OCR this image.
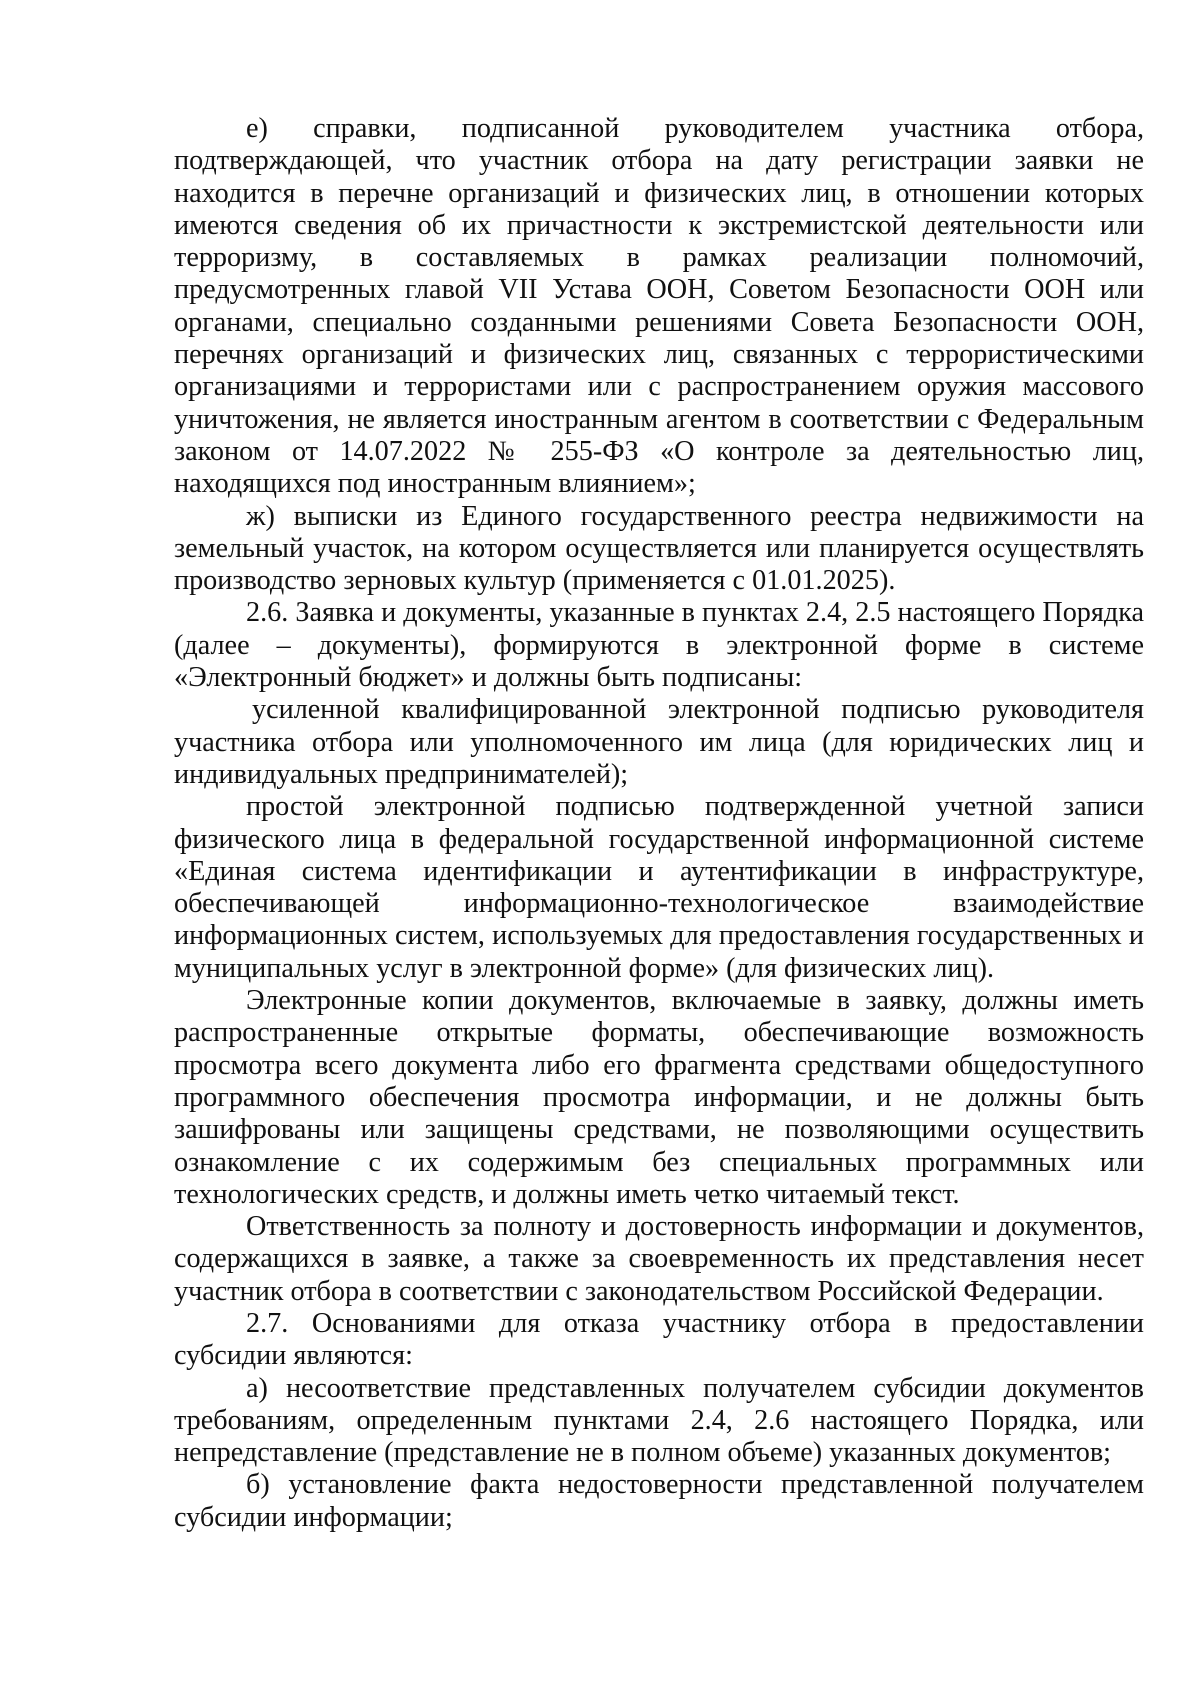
е) справки, подписанной руководителем участника отбора, подтверждающей, что участник отбора на дату регистрации заявки не находится в перечне организаций и физических лиц, в отношении которых имеются сведения об их причастности к экстремистской деятельности или терроризму, в составляемых в рамках реализации полномочий, предусмотренных главой VII Устава ООН, Советом Безопасности ООН или органами, специально созданными решениями Совета Безопасности ООН, перечнях организаций и физических лиц, связанных с террористическими организациями и террористами или с распространением оружия массового уничтожения, не является иностранным агентом в соответствии с Федеральным законом от 14.07.2022 № 255-ФЗ «О контроле за деятельностью лиц, находящихся под иностранным влиянием»;

ж) выписки из Единого государственного реестра недвижимости на земельный участок, на котором осуществляется или планируется осуществлять производство зерновых культур (применяется с 01.01.2025).

2.6. Заявка и документы, указанные в пунктах 2.4, 2.5 настоящего Порядка (далее – документы), формируются в электронной форме в системе «Электронный бюджет» и должны быть подписаны:

усиленной квалифицированной электронной подписью руководителя участника отбора или уполномоченного им лица (для юридических лиц и индивидуальных предпринимателей);

простой электронной подписью подтвержденной учетной записи физического лица в федеральной государственной информационной системе «Единая система идентификации и аутентификации в инфраструктуре, обеспечивающей информационно-технологическое взаимодействие информационных систем, используемых для предоставления государственных и муниципальных услуг в электронной форме» (для физических лиц).

Электронные копии документов, включаемые в заявку, должны иметь распространенные открытые форматы, обеспечивающие возможность просмотра всего документа либо его фрагмента средствами общедоступного программного обеспечения просмотра информации, и не должны быть зашифрованы или защищены средствами, не позволяющими осуществить ознакомление с их содержимым без специальных программных или технологических средств, и должны иметь четко читаемый текст.

Ответственность за полноту и достоверность информации и документов, содержащихся в заявке, а также за своевременность их представления несет участник отбора в соответствии с законодательством Российской Федерации.

2.7. Основаниями для отказа участнику отбора в предоставлении субсидии являются:

а) несоответствие представленных получателем субсидии документов требованиям, определенным пунктами 2.4, 2.6 настоящего Порядка, или непредставление (представление не в полном объеме) указанных документов;

б) установление факта недостоверности представленной получателем субсидии информации;
